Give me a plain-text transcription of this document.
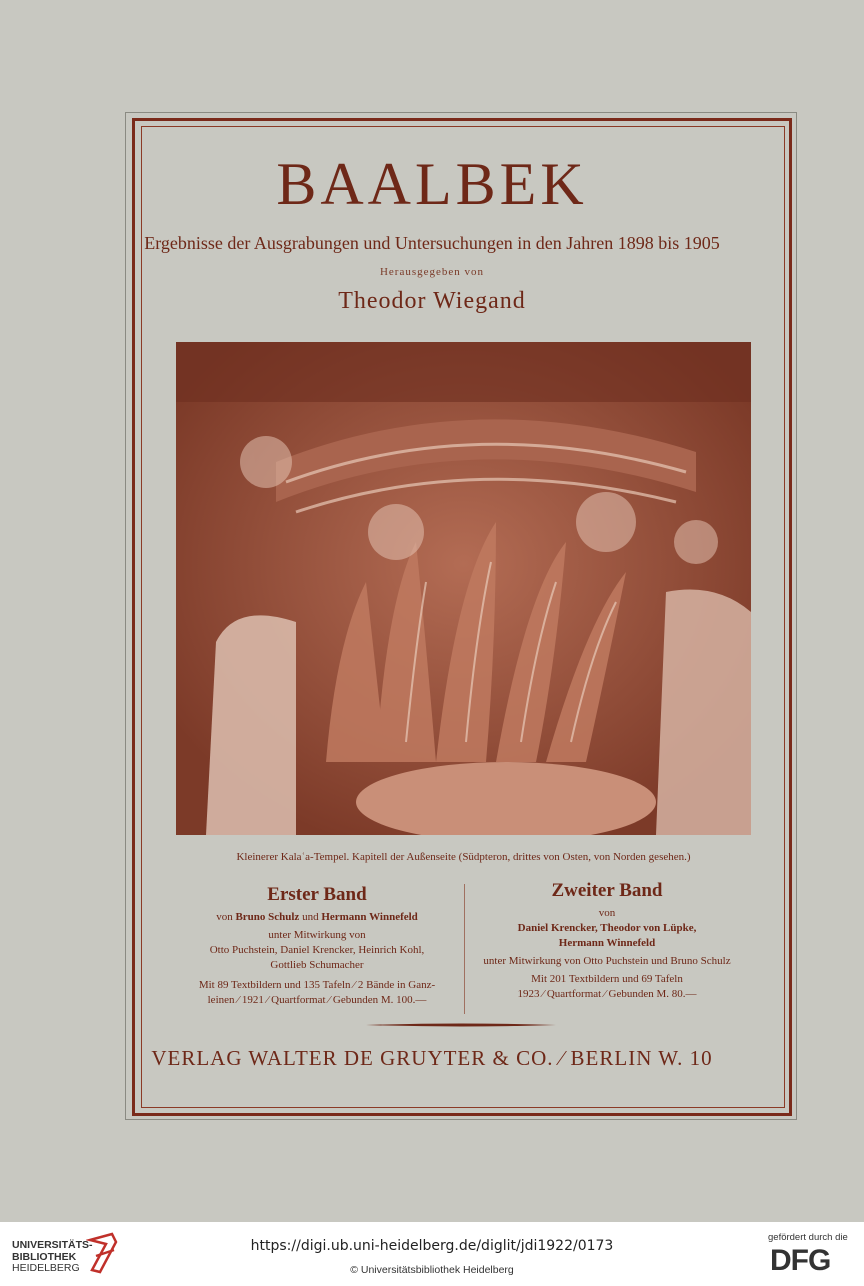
BAALBEK
Ergebnisse der Ausgrabungen und Untersuchungen in den Jahren 1898 bis 1905
Herausgegeben von
Theodor Wiegand
Kleinerer Kalaʿa-Tempel. Kapitell der Außenseite (Südpteron, drittes von Osten, von Norden gesehen.)
Erster Band
von Bruno Schulz und Hermann Winnefeld
unter Mitwirkung von
Otto Puchstein, Daniel Krencker, Heinrich Kohl,
Gottlieb Schumacher
Mit 89 Textbildern und 135 Tafeln ⁄ 2 Bände in Ganz-
leinen ⁄ 1921 ⁄ Quartformat ⁄ Gebunden M. 100.—
Zweiter Band
von
Daniel Krencker, Theodor von Lüpke,
Hermann Winnefeld
unter Mitwirkung von Otto Puchstein und Bruno Schulz
Mit 201 Textbildern und 69 Tafeln
1923 ⁄ Quartformat ⁄ Gebunden M. 80.—
VERLAG WALTER DE GRUYTER & CO. ⁄ BERLIN W. 10
UNIVERSITÄTS-
BIBLIOTHEK
HEIDELBERG
https://digi.ub.uni-heidelberg.de/diglit/jdi1922/0173
© Universitätsbibliothek Heidelberg
gefördert durch die
DFG
